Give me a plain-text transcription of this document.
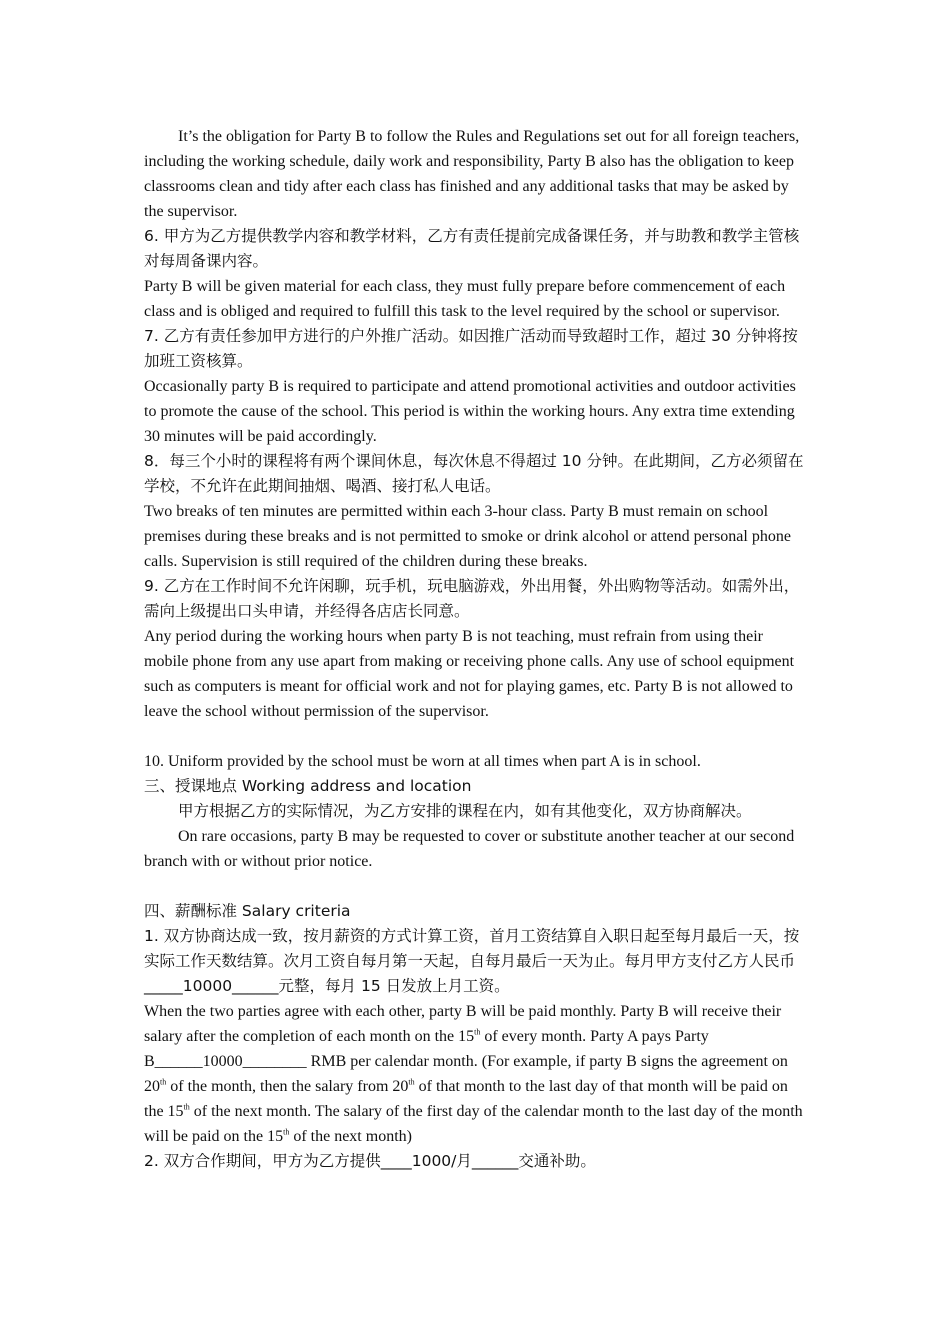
It’s the obligation for Party B to follow the Rules and Regulations set out for all foreign teachers, including the working schedule, daily work and responsibility, Party B also has the obligation to keep classrooms clean and tidy after each class has finished and any additional tasks that may be asked by the supervisor.

6. 甲方为乙方提供教学内容和教学材料，乙方有责任提前完成备课任务，并与助教和教学主管核对每周备课内容。

Party B will be given material for each class, they must fully prepare before commencement of each class and is obliged and required to fulfill this task to the level required by the school or supervisor.

7. 乙方有责任参加甲方进行的户外推广活动。如因推广活动而导致超时工作，超过 30 分钟将按加班工资核算。

Occasionally party B is required to participate and attend promotional activities and outdoor activities to promote the cause of the school. This period is within the working hours. Any extra time extending 30 minutes will be paid accordingly.

8．每三个小时的课程将有两个课间休息，每次休息不得超过 10 分钟。在此期间，乙方必须留在学校，不允许在此期间抽烟、喝酒、接打私人电话。

Two breaks of ten minutes are permitted within each 3-hour class. Party B must remain on school premises during these breaks and is not permitted to smoke or drink alcohol or attend personal phone calls. Supervision is still required of the children during these breaks.

9. 乙方在工作时间不允许闲聊，玩手机，玩电脑游戏，外出用餐，外出购物等活动。如需外出，需向上级提出口头申请，并经得各店店长同意。

Any period during the working hours when party B is not teaching, must refrain from using their mobile phone from any use apart from making or receiving phone calls. Any use of school equipment such as computers is meant for official work and not for playing games, etc. Party B is not allowed to leave the school without permission of the supervisor.

10. Uniform provided by the school must be worn at all times when part A is in school.

三、授课地点 Working address and location

甲方根据乙方的实际情况，为乙方安排的课程在内，如有其他变化，双方协商解决。

On rare occasions, party B may be requested to cover or substitute another teacher at our second branch with or without prior notice.

四、薪酬标准 Salary criteria

1. 双方协商达成一致，按月薪资的方式计算工资，首月工资结算自入职日起至每月最后一天，按实际工作天数结算。次月工资自每月第一天起，自每月最后一天为止。每月甲方支付乙方人民币_____10000______元整，每月 15 日发放上月工资。

When the two parties agree with each other, party B will be paid monthly. Party B will receive their salary after the completion of each month on the 15th of every month. Party A pays Party B______10000________ RMB per calendar month. (For example, if party B signs the agreement on 20th of the month, then the salary from 20th of that month to the last day of that month will be paid on the 15th of the next month. The salary of the first day of the calendar month to the last day of the month will be paid on the 15th of the next month)

2. 双方合作期间，甲方为乙方提供____1000/月______交通补助。
